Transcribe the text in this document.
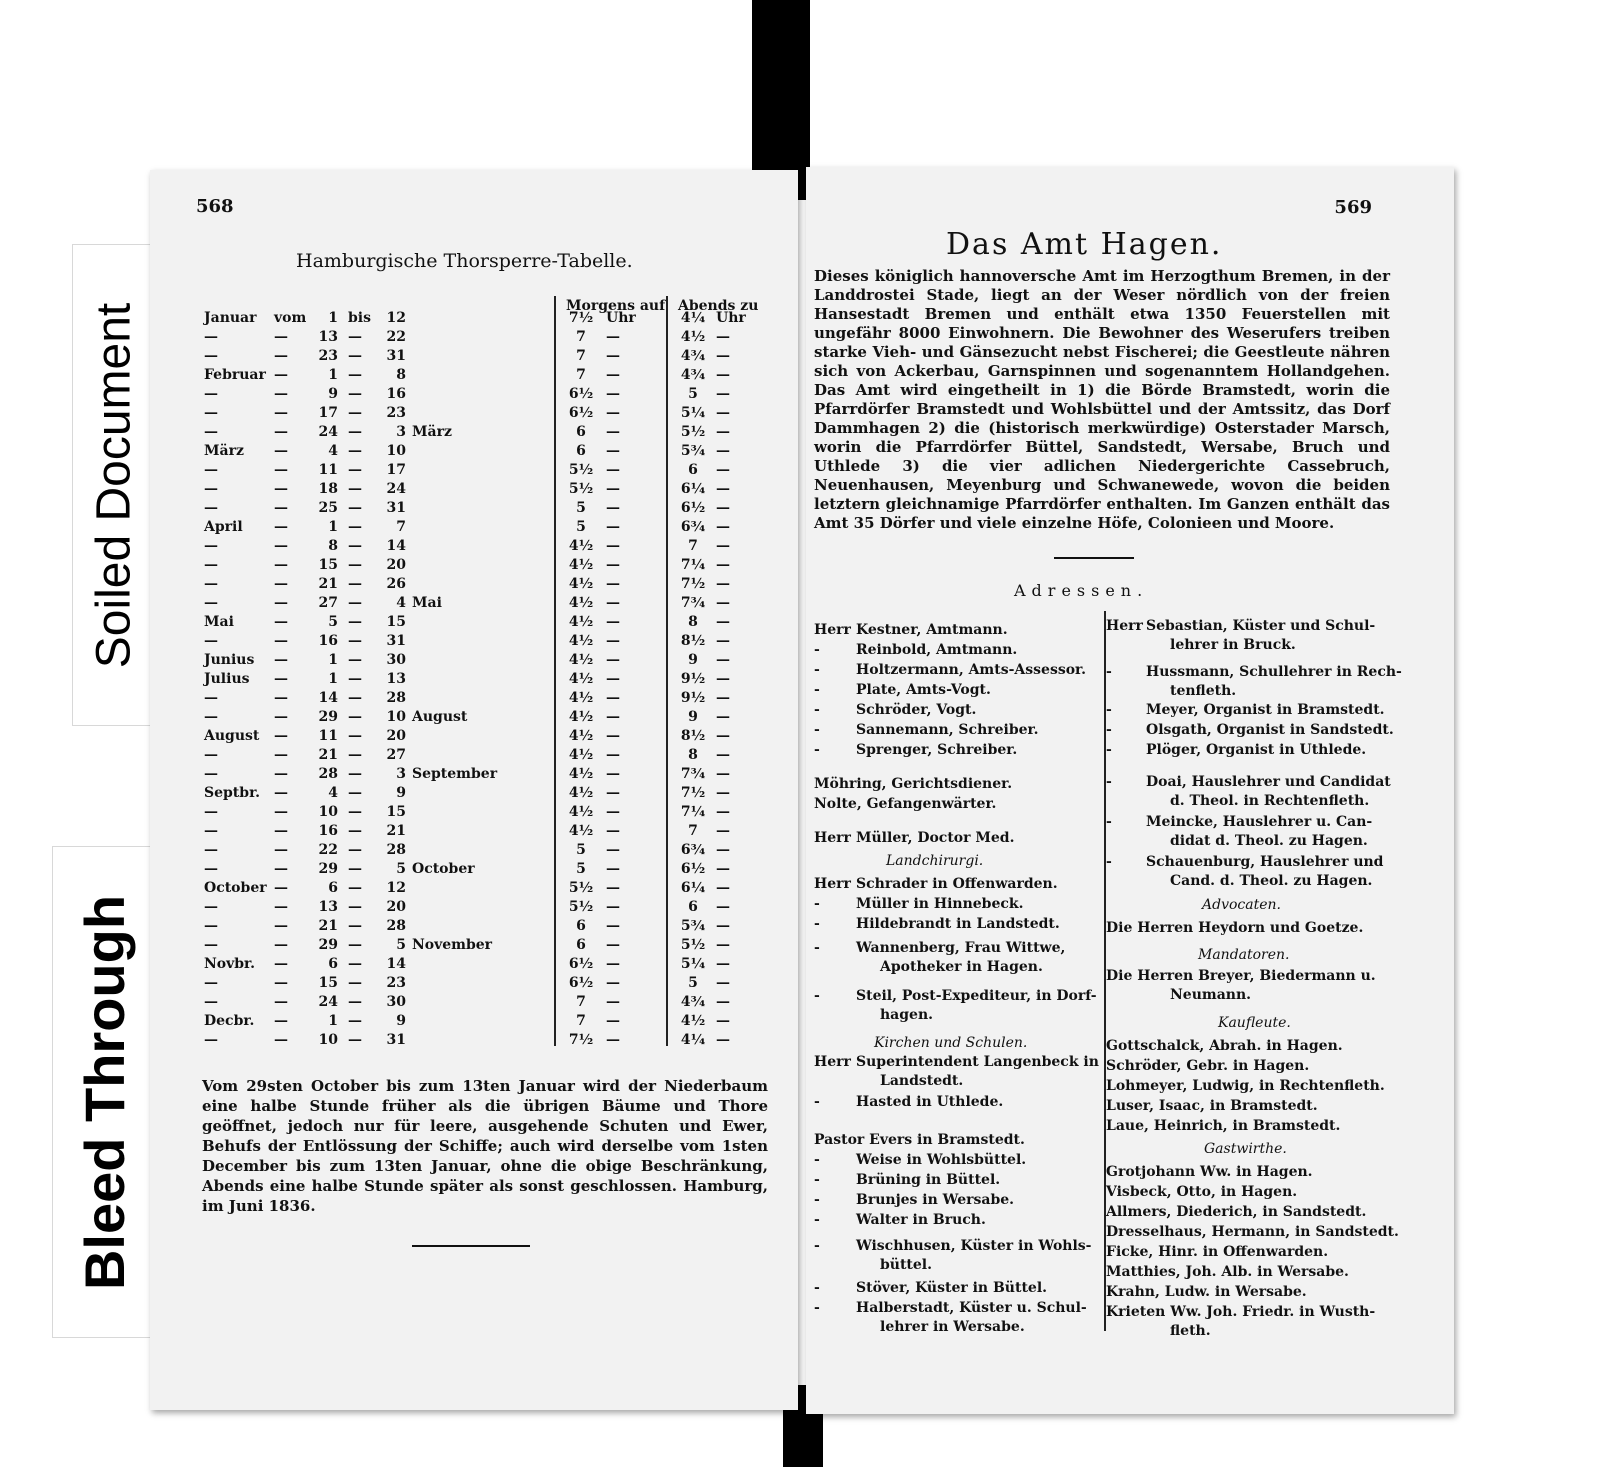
Soiled Document
Bleed Through
568
Hamburgische Thorsperre-Tabelle.
Morgens auf Abends zu
Januar vom	1 bis	12	7½ Uhr	4¼ Uhr
—	—	13 —	22	7	—	4½ —
—	—	23 —	31	7	—	4¾ —
Februar —	1 —	8	7	—	4¾ —
—	—	9 —	16	6½ —	5	—
—	—	17 —	23	6½ —	5¼ —
—	—	24 —	3 März	6	—	5½ —
März —	4 —	10	6	—	5¾ —
—	—	11 —	17	5½ —	6	—
—	—	18 —	24	5½ —	6¼ —
—	—	25 —	31	5	—	6½ —
April —	1 —	7	5	—	6¾ —
—	—	8 —	14	4½ —	7	—
—	—	15 —	20	4½ —	7¼ —
—	—	21 —	26	4½ —	7½ —
—	—	27 —	4 Mai	4½ —	7¾ —
Mai	—	5 —	15	4½ —	8	—
—	—	16 —	31	4½ —	8½ —
Junius —	1 —	30	4½ —	9	—
Julius —	1 —	13	4½ —	9½ —
—	—	14 —	28	4½ —	9½ —
—	—	29 —	10 August	4½ —	9	—
August —	11 —	20	4½ —	8½ —
—	—	21 —	27	4½ —	8	—
—	—	28 —	3 September	4½ —	7¾ —
Septbr. —	4 —	9	4½ —	7½ —
—	—	10 —	15	4½ —	7¼ —
—	—	16 —	21	4½ —	7	—
—	—	22 —	28	5	—	6¾ —
—	—	29 —	5 October	5	—	6½ —
October —	6 —	12	5½ —	6¼ —
—	—	13 —	20	5½ —	6	—
—	—	21 —	28	6	—	5¾ —
—	—	29 —	5 November	6	—	5½ —
Novbr. —	6 —	14	6½ —	5¼ —
—	—	15 —	23	6½ —	5	—
—	—	24 —	30	7	—	4¾ —
Decbr. —	1 —	9	7	—	4½ —
—	—	10 —	31	7½ —	4¼ —
Vom 29sten October bis zum 13ten Januar wird der Niederbaum eine halbe Stunde früher als die übrigen Bäume und Thore geöffnet, jedoch nur für leere, ausgehende Schuten und Ewer, Behufs der Entlössung der Schiffe; auch wird derselbe vom 1sten December bis zum 13ten Januar, ohne die obige Beschränkung, Abends eine halbe Stunde später als sonst geschlossen. Hamburg, im Juni 1836.
569
Das Amt Hagen.
Dieses königlich hannoversche Amt im Herzogthum Bremen, in der Landdrostei Stade, liegt an der Weser nördlich von der freien Hansestadt Bremen und enthält etwa 1350 Feuerstellen mit ungefähr 8000 Einwohnern. Die Bewohner des Weserufers treiben starke Vieh- und Gänsezucht nebst Fischerei; die Geestleute nähren sich von Ackerbau, Garnspinnen und sogenanntem Hollandgehen. Das Amt wird eingetheilt in 1) die Börde Bramstedt, worin die Pfarrdörfer Bramstedt und Wohlsbüttel und der Amtssitz, das Dorf Dammhagen 2) die (historisch merkwürdige) Osterstader Marsch, worin die Pfarrdörfer Büttel, Sandstedt, Wersabe, Bruch und Uthlede 3) die vier adlichen Niedergerichte Cassebruch, Neuenhausen, Meyenburg und Schwanewede, wovon die beiden letztern gleichnamige Pfarrdörfer enthalten. Im Ganzen enthält das Amt 35 Dörfer und viele einzelne Höfe, Colonieen und Moore.
Adressen.
Herr Kestner, Amtmann.
-	Reinbold, Amtmann.
-	Holtzermann, Amts-Assessor.
-	Plate, Amts-Vogt.
-	Schröder, Vogt.
-	Sannemann, Schreiber.
-	Sprenger, Schreiber.
Möhring, Gerichtsdiener.
Nolte, Gefangenwärter.
Herr Müller, Doctor Med.
Herr Schrader in Offenwarden.
-	Müller in Hinnebeck.
-	Hildebrandt in Landstedt.
-	Wannenberg, Frau Wittwe,
Apotheker in Hagen.
-	Steil, Post-Expediteur, in Dorf-
hagen.
Herr Superintendent Langenbeck in
Landstedt.
-	Hasted in Uthlede.
Pastor Evers in Bramstedt.
-	Weise in Wohlsbüttel.
-	Brüning in Büttel.
-	Brunjes in Wersabe.
-	Walter in Bruch.
-	Wischhusen, Küster in Wohls-
büttel.
-	Stöver, Küster in Büttel.
-	Halberstadt, Küster u. Schul-
lehrer in Wersabe.
Herr Sebastian, Küster und Schul-
lehrer in Bruck.
- Hussmann, Schullehrer in Rech-
tenfleth.
- Meyer, Organist in Bramstedt.
- Olsgath, Organist in Sandstedt.
- Plöger, Organist in Uthlede.
- Doai, Hauslehrer und Candidat
d. Theol. in Rechtenfleth.
- Meincke, Hauslehrer u. Can-
didat d. Theol. zu Hagen.
- Schauenburg, Hauslehrer und
Cand. d. Theol. zu Hagen.
Die Herren Heydorn und Goetze.
Die Herren Breyer, Biedermann u.
Neumann.
Gottschalck, Abrah. in Hagen.
Schröder, Gebr. in Hagen.
Lohmeyer, Ludwig, in Rechtenfleth.
Luser, Isaac, in Bramstedt.
Laue, Heinrich, in Bramstedt.
Grotjohann Ww. in Hagen.
Visbeck, Otto, in Hagen.
Allmers, Diederich, in Sandstedt.
Dresselhaus, Hermann, in Sandstedt.
Ficke, Hinr. in Offenwarden.
Matthies, Joh. Alb. in Wersabe.
Krahn, Ludw. in Wersabe.
Krieten Ww. Joh. Friedr. in Wusth-
fleth.
Landchirurgi.
Kirchen und Schulen.
Advocaten.
Mandatoren.
Kaufleute.
Gastwirthe.
